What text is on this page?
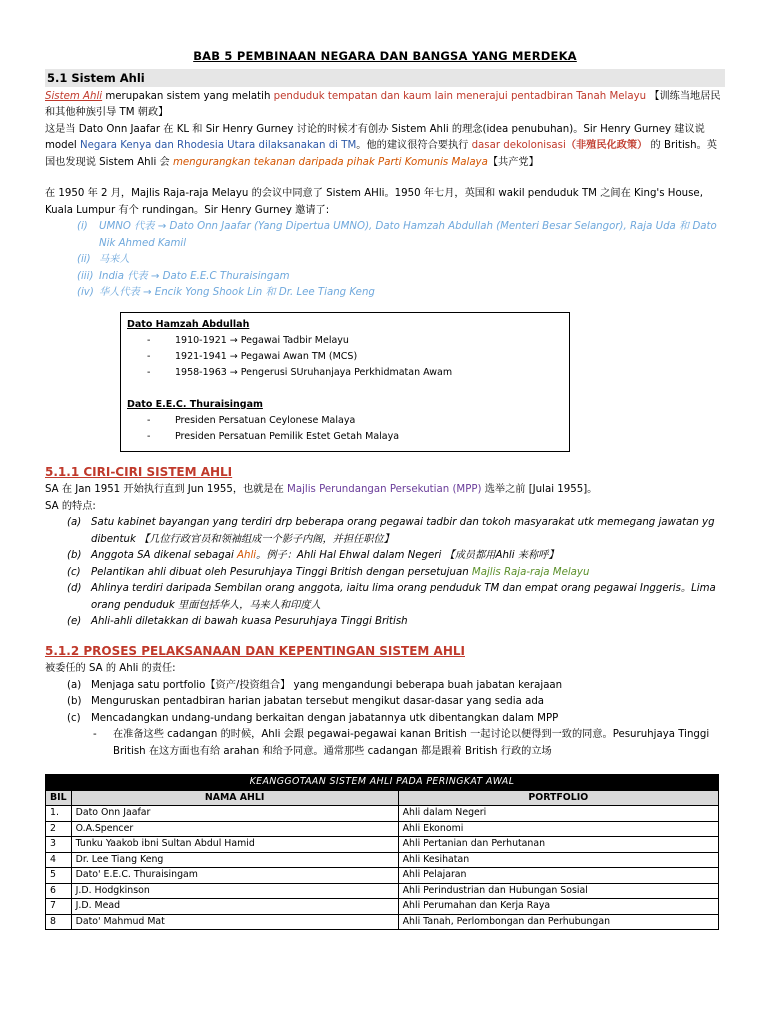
BAB 5 PEMBINAAN NEGARA DAN BANGSA YANG MERDEKA
5.1 Sistem Ahli

Sistem Ahli merupakan sistem yang melatih penduduk tempatan dan kaum lain menerajui pentadbiran Tanah Melayu 【训练当地居民和其他种族引导 TM 朝政】

这是当 Dato Onn Jaafar 在 KL 和 Sir Henry Gurney 讨论的时候才有创办 Sistem Ahli 的理念(idea penubuhan)。Sir Henry Gurney 建议说 model Negara Kenya dan Rhodesia Utara dilaksanakan di TM。他的建议很符合要执行 dasar dekolonisasi（非殖民化政策） 的 British。英国也发现说 Sistem Ahli 会 mengurangkan tekanan daripada pihak Parti Komunis Malaya【共产党】

在 1950 年 2 月，Majlis Raja-raja Melayu 的会议中同意了 Sistem AHli。1950 年七月，英国和 wakil penduduk TM 之间在 King's House, Kuala Lumpur 有个 rundingan。Sir Henry Gurney 邀请了:

(i)	UMNO 代表 → Dato Onn Jaafar (Yang Dipertua UMNO), Dato Hamzah Abdullah (Menteri Besar Selangor), Raja Uda 和 Dato Nik Ahmed Kamil
(ii) 马来人
(iii) India 代表 → Dato E.E.C Thuraisingam
(iv) 华人代表 → Encik Yong Shook Lin 和 Dr. Lee Tiang Keng
Dato Hamzah Abdullah
-	1910-1921 → Pegawai Tadbir Melayu
-	1921-1941 → Pegawai Awan TM (MCS)
-	1958-1963 → Pengerusi SUruhanjaya Perkhidmatan Awam
Dato E.E.C. Thuraisingam
-	Presiden Persatuan Ceylonese Malaya
-	Presiden Persatuan Pemilik Estet Getah Malaya
5.1.1 CIRI-CIRI SISTEM AHLI

SA 在 Jan 1951 开始执行直到 Jun 1955，也就是在 Majlis Perundangan Persekutian (MPP) 选举之前 [Julai 1955]。

SA 的特点:

(a) Satu kabinet bayangan yang terdiri drp beberapa orang pegawai tadbir dan tokoh masyarakat utk memegang jawatan yg dibentuk 【几位行政官员和领袖组成一个影子内阁，并担任职位】
(b) Anggota SA dikenal sebagai Ahli。例子：Ahli Hal Ehwal dalam Negeri 【成员都用Ahli 来称呼】
(c)	Pelantikan ahli dibuat oleh Pesuruhjaya Tinggi British dengan persetujuan Majlis Raja-raja Melayu
(d) Ahlinya terdiri daripada Sembilan orang anggota, iaitu lima orang penduduk TM dan empat orang pegawai Inggeris。Lima orang penduduk 里面包括华人，马来人和印度人
(e) Ahli-ahli diletakkan di bawah kuasa Pesuruhjaya Tinggi British
5.1.2 PROSES PELAKSANAAN DAN KEPENTINGAN SISTEM AHLI

被委任的 SA 的 Ahli 的责任:

(a) Menjaga satu portfolio【资产/投资组合】 yang mengandungi beberapa buah jabatan kerajaan
(b) Menguruskan pentadbiran harian jabatan tersebut mengikut dasar-dasar yang sedia ada
(c)	Mencadangkan undang-undang berkaitan dengan jabatannya utk dibentangkan dalam MPP
-	在准备这些 cadangan 的时候，Ahli 会跟 pegawai-pegawai kanan British 一起讨论以便得到一致的同意。Pesuruhjaya Tinggi British 在这方面也有给 arahan 和给予同意。通常那些 cadangan 都是跟着 British 行政的立场
KEANGGOTAAN SISTEM AHLI PADA PERINGKAT AWAL		
BIL	NAMA AHLI	PORTFOLIO
1.	Dato Onn Jaafar	Ahli dalam Negeri
2	O.A.Spencer	Ahli Ekonomi
3	Tunku Yaakob ibni Sultan Abdul Hamid	Ahli Pertanian dan Perhutanan
4	Dr. Lee Tiang Keng	Ahli Kesihatan
5	Dato' E.E.C. Thuraisingam	Ahli Pelajaran
6	J.D. Hodgkinson	Ahli Perindustrian dan Hubungan Sosial
7	J.D. Mead	Ahli Perumahan dan Kerja Raya
8	Dato' Mahmud Mat	Ahli Tanah, Perlombongan dan Perhubungan
